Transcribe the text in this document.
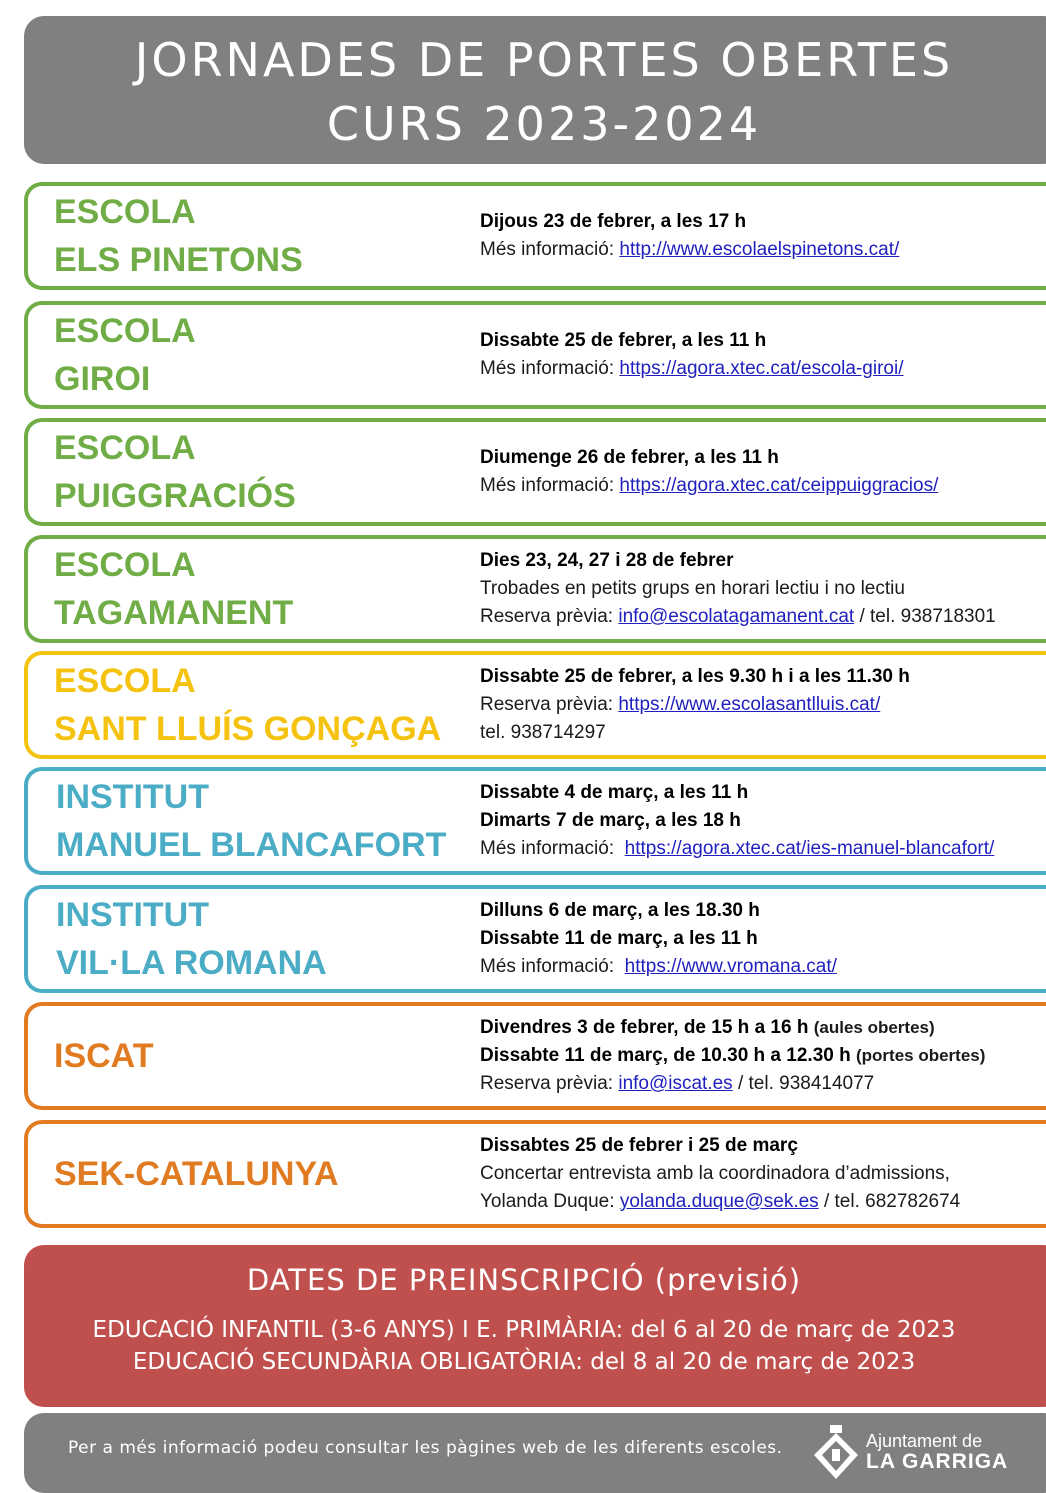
JORNADES DE PORTES OBERTES
CURS 2023-2024
ESCOLA
ELS PINETONS
Dijous 23 de febrer, a les 17 h
Més informació: http://www.escolaelspinetons.cat/
ESCOLA
GIROI
Dissabte 25 de febrer, a les 11 h
Més informació: https://agora.xtec.cat/escola-giroi/
ESCOLA
PUIGGRACIÓS
Diumenge 26 de febrer, a les 11 h
Més informació: https://agora.xtec.cat/ceippuiggracios/
ESCOLA
TAGAMANENT
Dies 23, 24, 27 i 28 de febrer
Trobades en petits grups en horari lectiu i no lectiu
Reserva prèvia: info@escolatagamanent.cat / tel. 938718301
ESCOLA
SANT LLUÍS GONÇAGA
Dissabte 25 de febrer, a les 9.30 h i a les 11.30 h
Reserva prèvia: https://www.escolasantlluis.cat/
tel. 938714297
INSTITUT
MANUEL BLANCAFORT
Dissabte 4 de març, a les 11 h
Dimarts 7 de març, a les 18 h
Més informació: https://agora.xtec.cat/ies-manuel-blancafort/
INSTITUT
VIL·LA ROMANA
Dilluns 6 de març, a les 18.30 h
Dissabte 11 de març, a les 11 h
Més informació: https://www.vromana.cat/
ISCAT
Divendres 3 de febrer, de 15 h a 16 h (aules obertes)
Dissabte 11 de març, de 10.30 h a 12.30 h (portes obertes)
Reserva prèvia: info@iscat.es / tel. 938414077
SEK-CATALUNYA
Dissabtes 25 de febrer i 25 de març
Concertar entrevista amb la coordinadora d’admissions,
Yolanda Duque: yolanda.duque@sek.es / tel. 682782674
DATES DE PREINSCRIPCIÓ (previsió)
EDUCACIÓ INFANTIL (3-6 ANYS) I E. PRIMÀRIA: del 6 al 20 de març de 2023
EDUCACIÓ SECUNDÀRIA OBLIGATÒRIA: del 8 al 20 de març de 2023
Per a més informació podeu consultar les pàgines web de les diferents escoles.	Ajuntament de
LA GARRIGA
